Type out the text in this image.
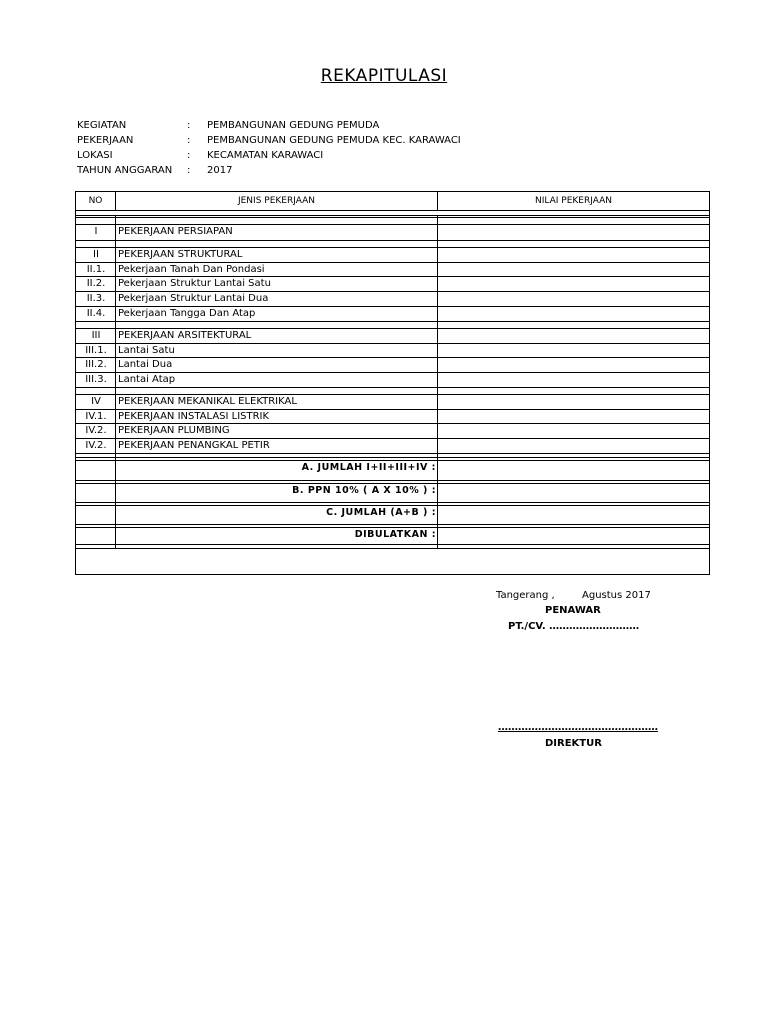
REKAPITULASI
KEGIATAN	:	PEMBANGUNAN GEDUNG PEMUDA
PEKERJAAN	:	PEMBANGUNAN GEDUNG PEMUDA KEC. KARAWACI
LOKASI	:	KECAMATAN KARAWACI
TAHUN ANGGARAN	:	2017
NO	JENIS PEKERJAAN	NILAI PEKERJAAN
I	PEKERJAAN PERSIAPAN
II	PEKERJAAN STRUKTURAL
II.1.	Pekerjaan Tanah Dan Pondasi
II.2.	Pekerjaan Struktur Lantai Satu
II.3.	Pekerjaan Struktur Lantai Dua
II.4.	Pekerjaan Tangga Dan Atap
III	PEKERJAAN ARSITEKTURAL
III.1.	Lantai Satu
III.2.	Lantai Dua
III.3.	Lantai Atap
IV	PEKERJAAN MEKANIKAL ELEKTRIKAL
IV.1.	PEKERJAAN INSTALASI LISTRIK
IV.2.	PEKERJAAN PLUMBING
IV.2.	PEKERJAAN PENANGKAL PETIR
A. JUMLAH I+II+III+IV :
B. PPN 10% ( A X 10% ) :
C. JUMLAH (A+B ) :
DIBULATKAN :
Tangerang ,	Agustus 2017
PENAWAR
PT./CV. ………………………
…………………………………………
DIREKTUR
